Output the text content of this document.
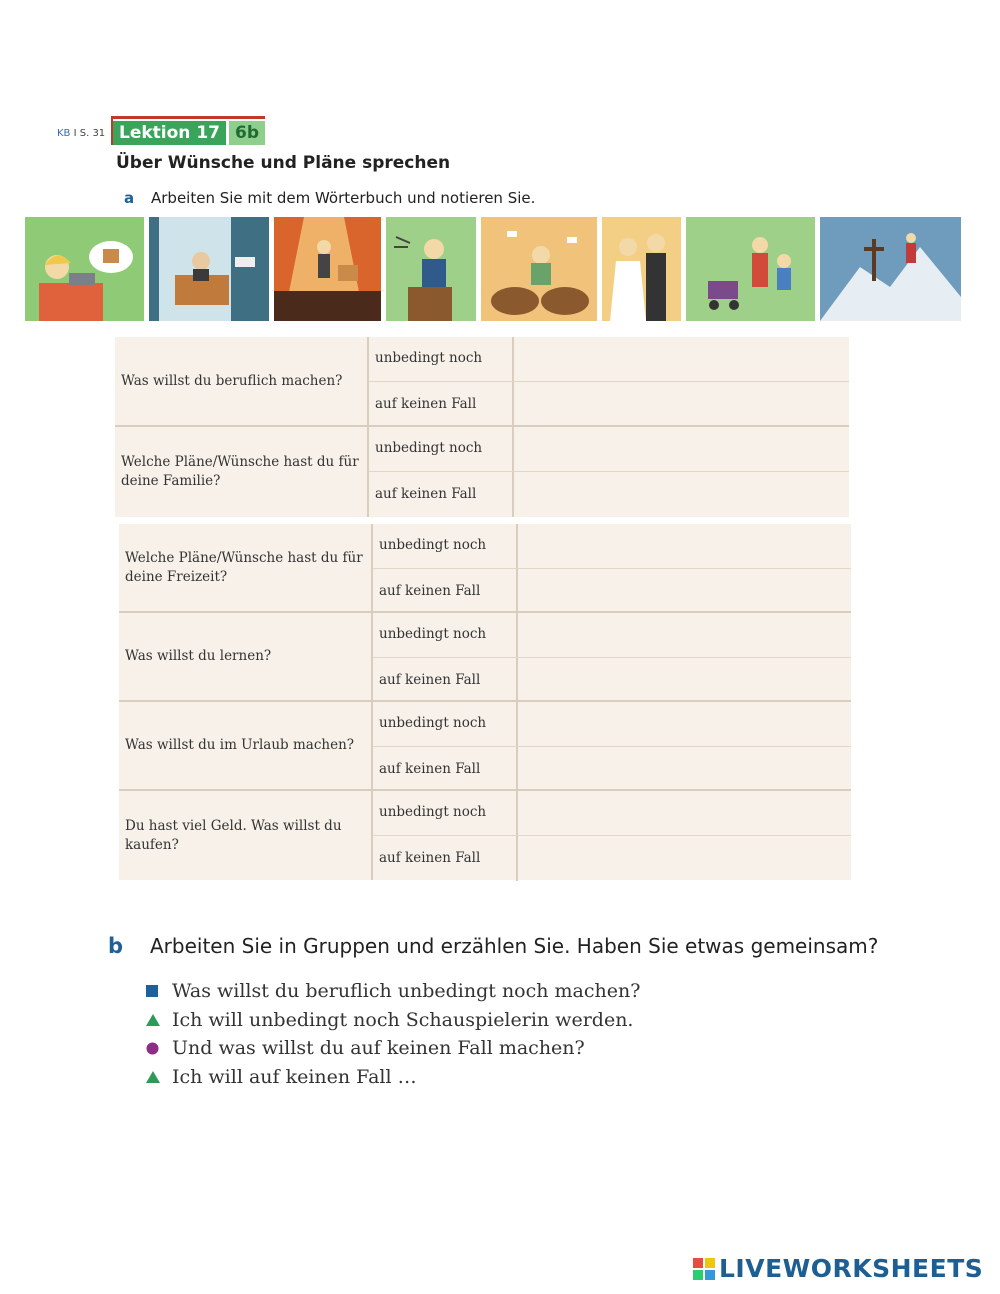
KB I S. 31 Lektion 17 6b
Über Wünsche und Pläne sprechen
a Arbeiten Sie mit dem Wörterbuch und notieren Sie.
Was willst du beruflich machen?
unbedingt noch
auf keinen Fall
Welche Pläne/Wünsche hast du für deine Familie?
unbedingt noch
auf keinen Fall
Welche Pläne/Wünsche hast du für deine Freizeit?
unbedingt noch
auf keinen Fall
Was willst du lernen?
unbedingt noch
auf keinen Fall
Was willst du im Urlaub machen?
unbedingt noch
auf keinen Fall
Du hast viel Geld. Was willst du kaufen?
unbedingt noch
auf keinen Fall
b Arbeiten Sie in Gruppen und erzählen Sie. Haben Sie etwas gemeinsam?
Was willst du beruflich unbedingt noch machen?
Ich will unbedingt noch Schauspielerin werden.
Und was willst du auf keinen Fall machen?
Ich will auf keinen Fall …
LIVEWORKSHEETS
